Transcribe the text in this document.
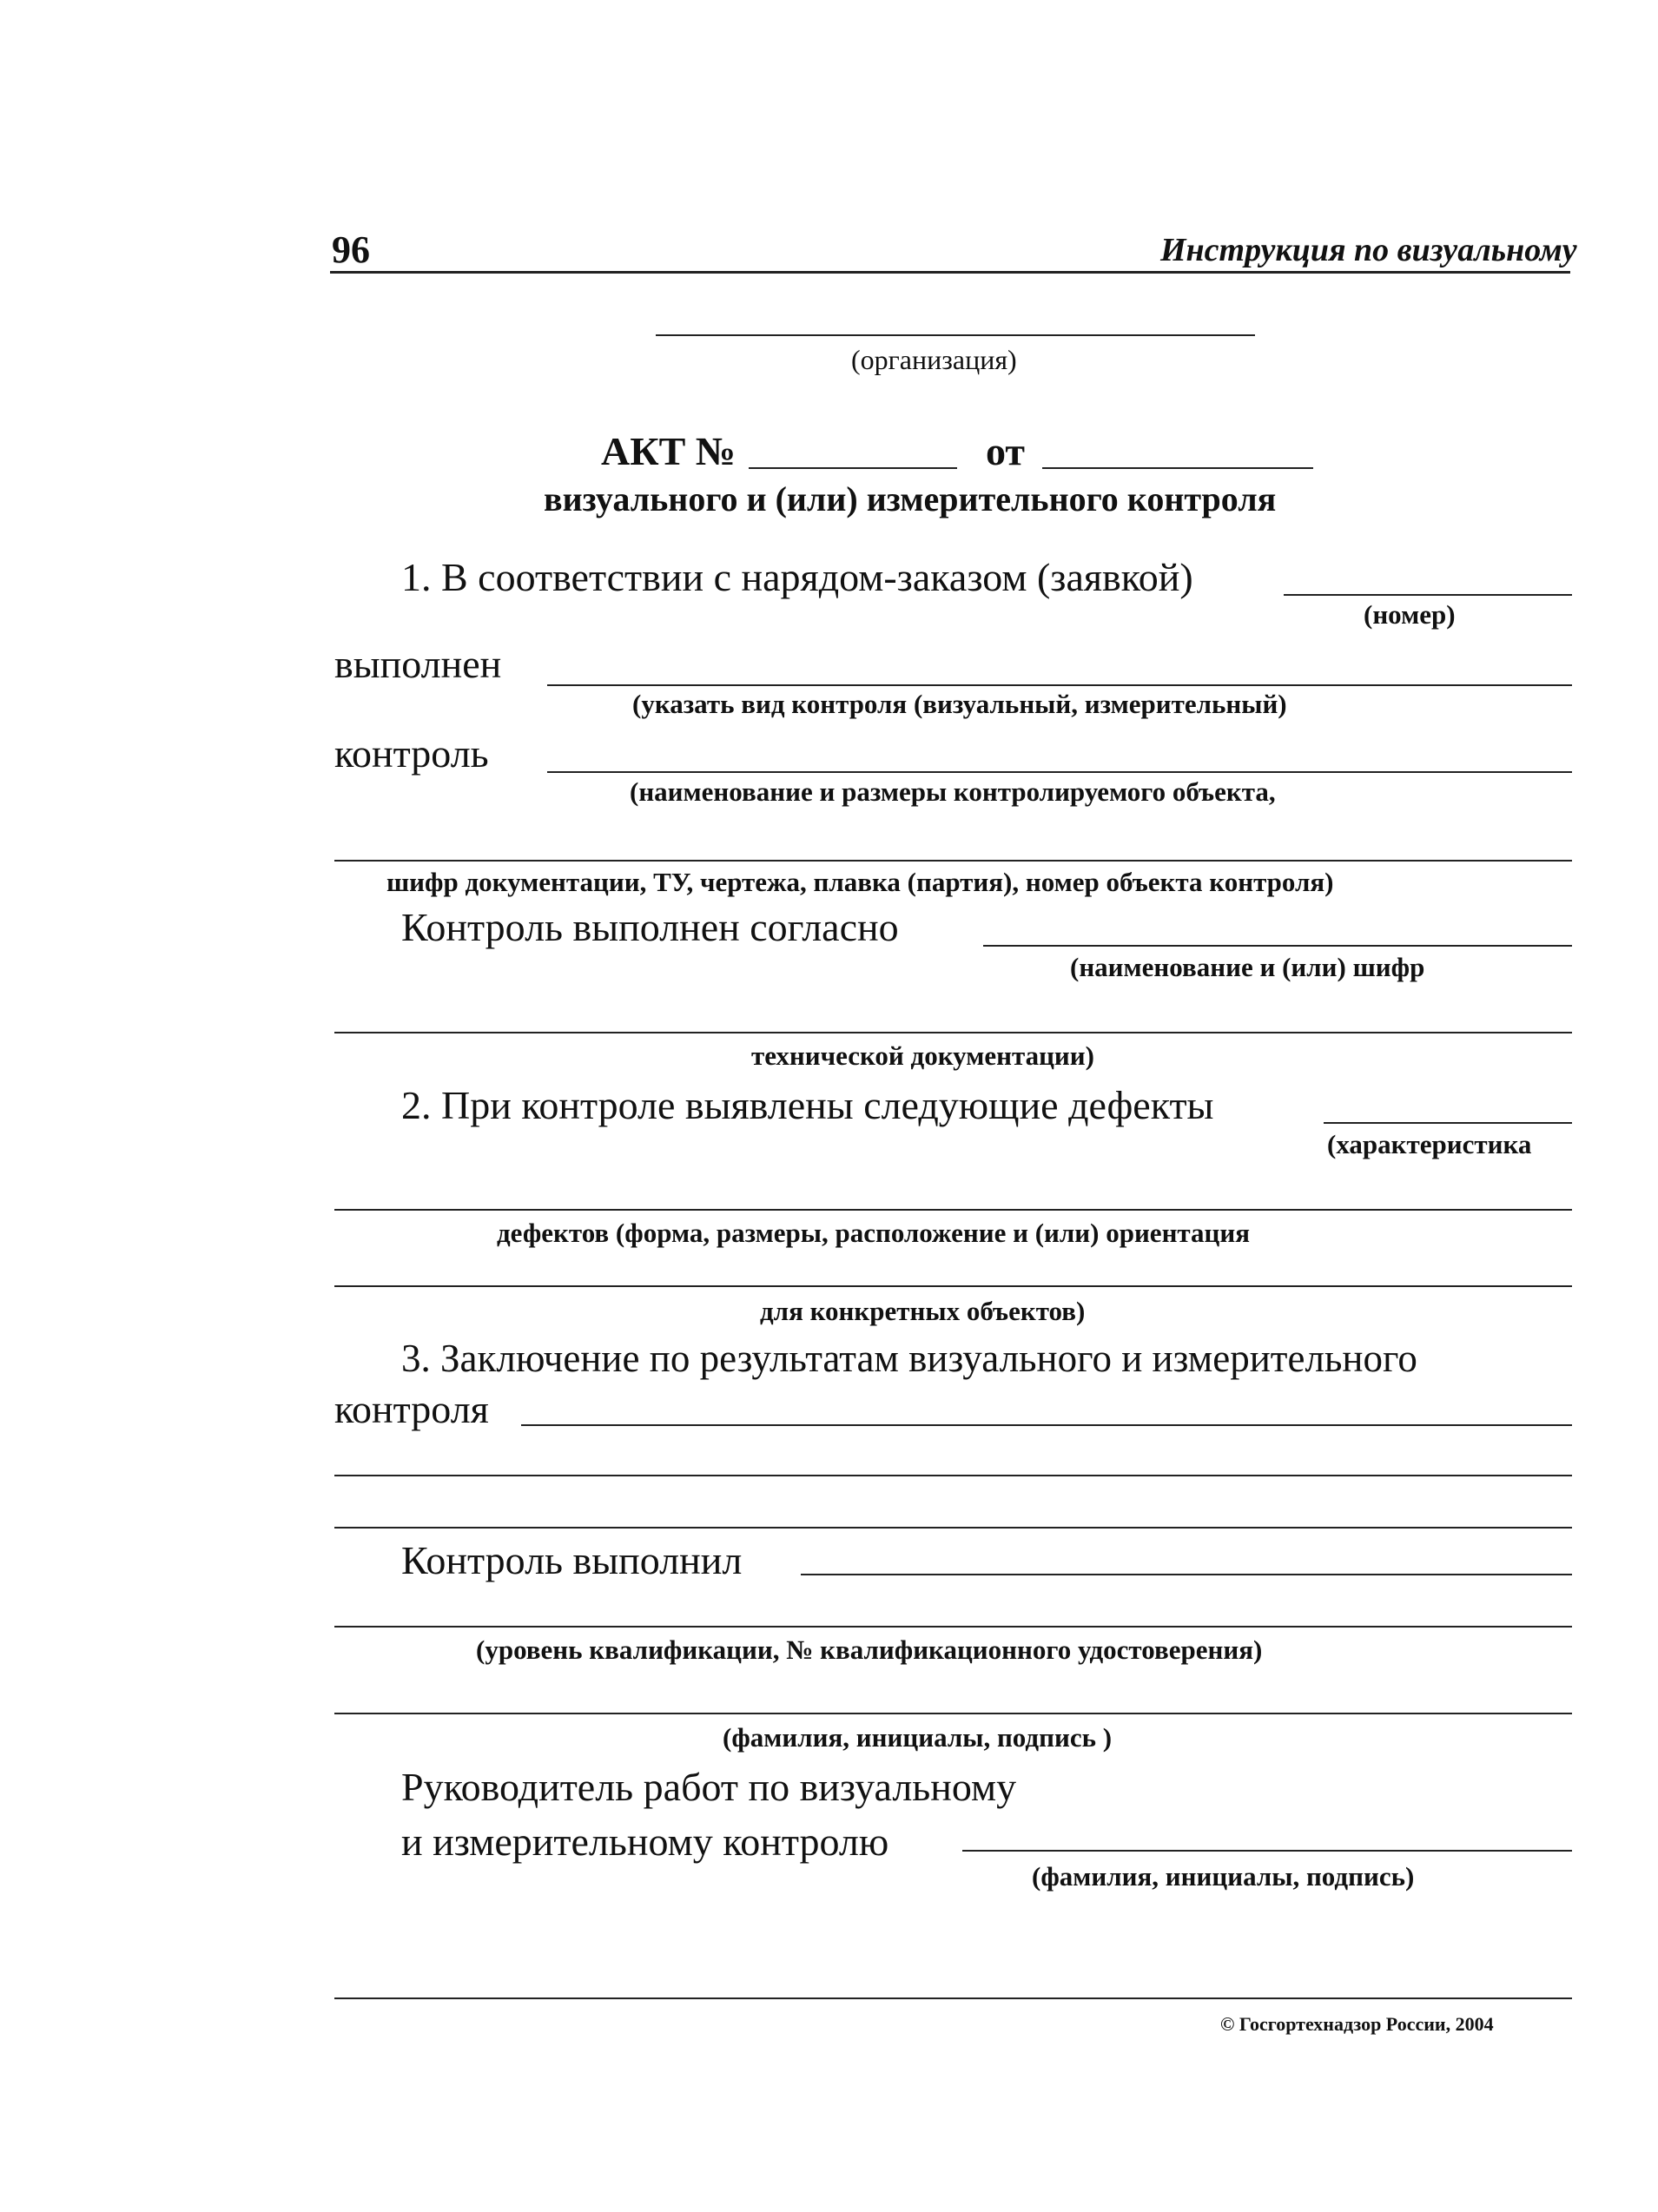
96	Инструкция по визуальному
(организация)
АКТ №	от
визуального и (или) измерительного контроля
1. В соответствии с нарядом-заказом (заявкой)
(номер)
выполнен
(указать вид контроля (визуальный, измерительный)
контроль
(наименование и размеры контролируемого объекта,
шифр документации, ТУ, чертежа, плавка (партия), номер объекта контроля)
Контроль выполнен согласно
(наименование и (или) шифр
технической документации)
2. При контроле выявлены следующие дефекты
(характеристика
дефектов (форма, размеры, расположение и (или) ориентация
для конкретных объектов)
3. Заключение по результатам визуального и измерительного
контроля
Контроль выполнил
(уровень квалификации, № квалификационного удостоверения)
(фамилия, инициалы, подпись )
Руководитель работ по визуальному
и измерительному контролю
(фамилия, инициалы, подпись)
© Госгортехнадзор России, 2004
